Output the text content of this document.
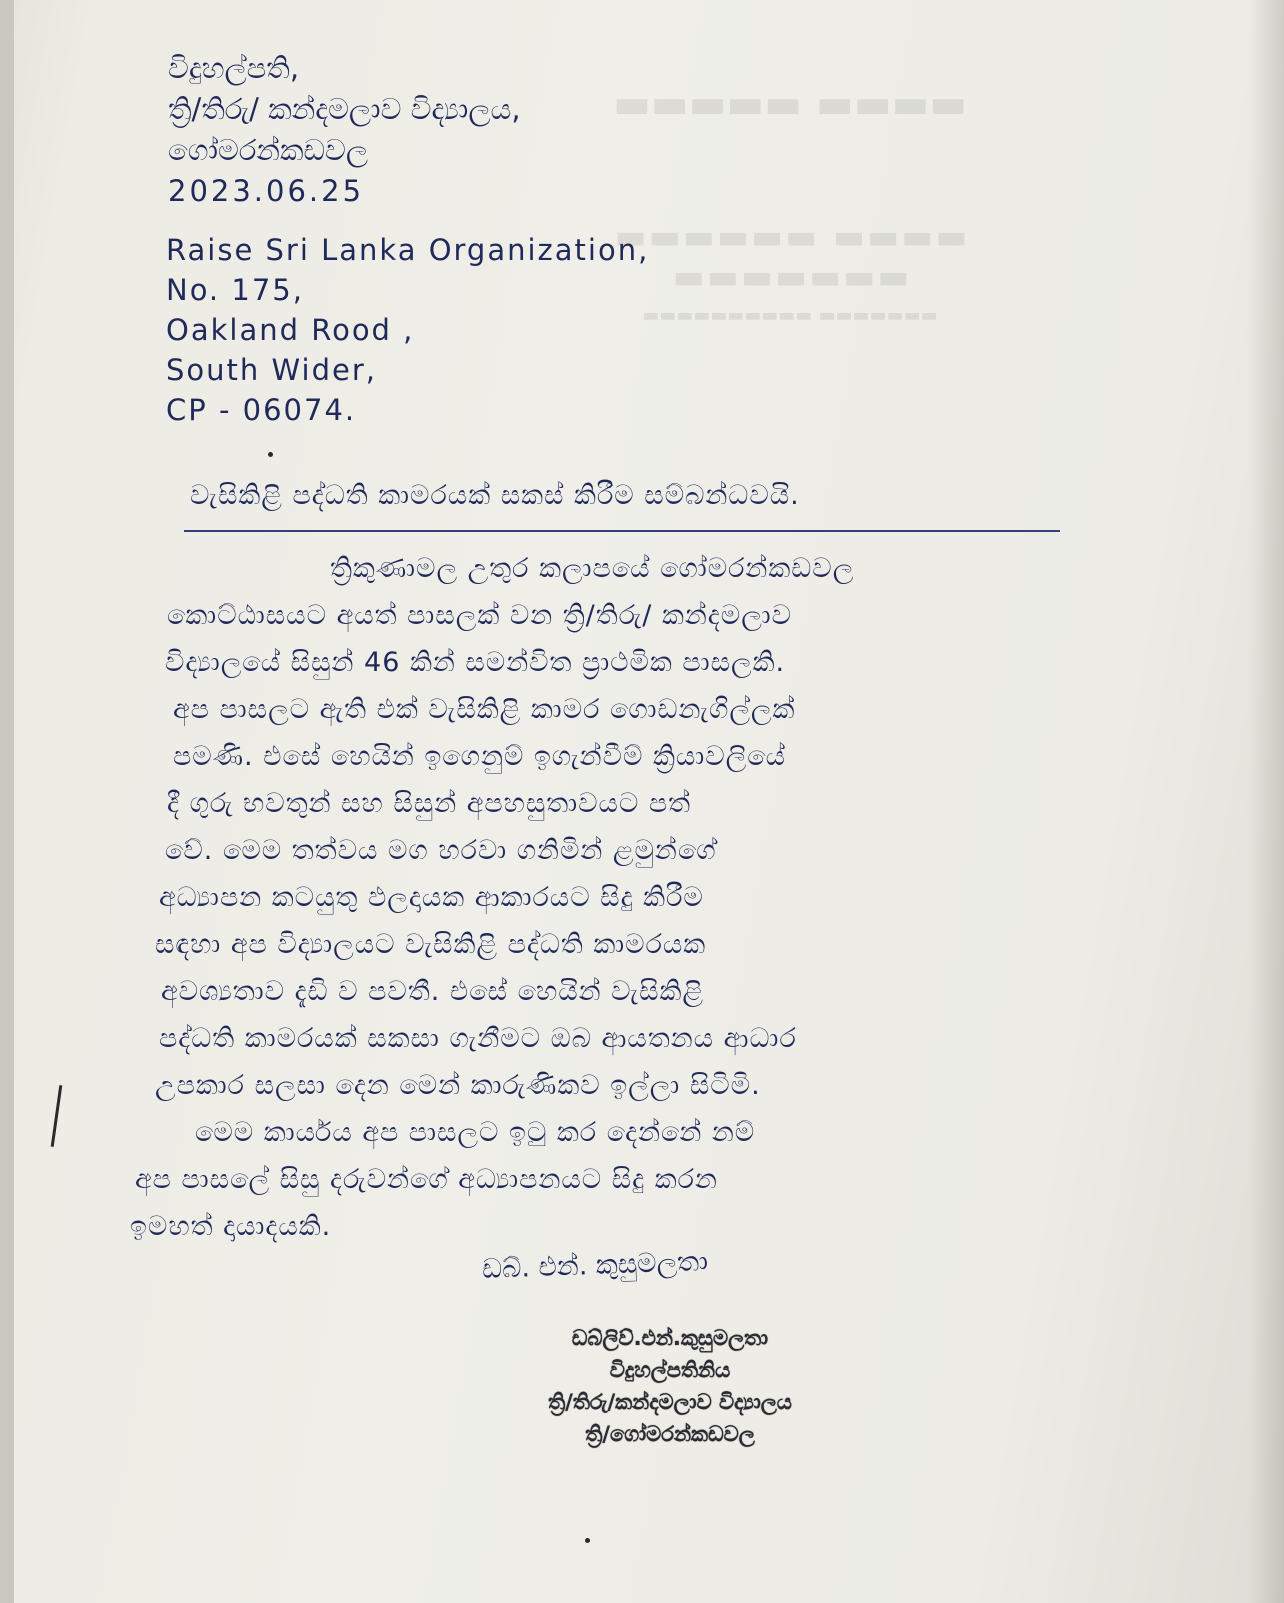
▬▬▬▬ ▬▬▬▬▬
▬▬▬▬ ▬▬▬▬▬▬ ▬▬▬▬▬▬▬
▬▬▬▬▬▬▬ ▬▬▬▬▬▬▬▬▬▬
විදුහල්පති,
ත්‍රි/තිරු/ කන්දමලාව විද්‍යාලය,
ගෝමරන්කඩවල
2023.06.25
Raise Sri Lanka Organization,
No. 175,
Oakland Rood ,
South Wider,
CP - 06074.
වැසිකිළි පද්ධති කාමරයක් සකස් කිරීම සම්බන්ධවයි.
ත්‍රිකුණාමල උතුර කලාපයේ ගෝමරන්කඩවල
කොට්ඨාසයට අයත් පාසලක් වන ත්‍රි/තිරු/ කන්දමලාව
විද්‍යාලයේ සිසුන් 46 කින් සමන්විත ප්‍රාථමික පාසලකි.
අප පාසලට ඇති එක් වැසිකිළි කාමර ගොඩනැගිල්ලක්
පමණි. එසේ හෙයින් ඉගෙනුම් ඉගැන්වීම් ක්‍රියාවලියේ
දී ගුරු භවතුන් සහ සිසුන් අපහසුතාවයට පත්
වේ. මෙම තත්වය මග හරවා ගනිමින් ළමුන්ගේ
අධ්‍යාපන කටයුතු ඵලදායක ආකාරයට සිදු කිරීම
සඳහා අප විද්‍යාලයට වැසිකිළි පද්ධති කාමරයක
අවශ්‍යතාව දැඩි ව පවතී. එසේ හෙයින් වැසිකිළි
පද්ධති කාමරයක් සකසා ගැනීමට ඔබ ආයතනය ආධාර
උපකාර සලසා දෙන මෙන් කාරුණිකව ඉල්ලා සිටිමි.
මෙම කාර්යය අප පාසලට ඉටු කර දෙන්නේ නම්
අප පාසලේ සිසු දරුවන්ගේ අධ්‍යාපනයට සිදු කරන
ඉමහත් දායාදයකි.

ඩබ්. එන්. කුසුමලතා

ඩබ්ලිව්.එන්.කුසුමලතා
විදුහල්පතිනිය
ත්‍රි/තිරු/කන්දමලාව විද්‍යාලය
ත්‍රි/ගෝමරන්කඩවල
